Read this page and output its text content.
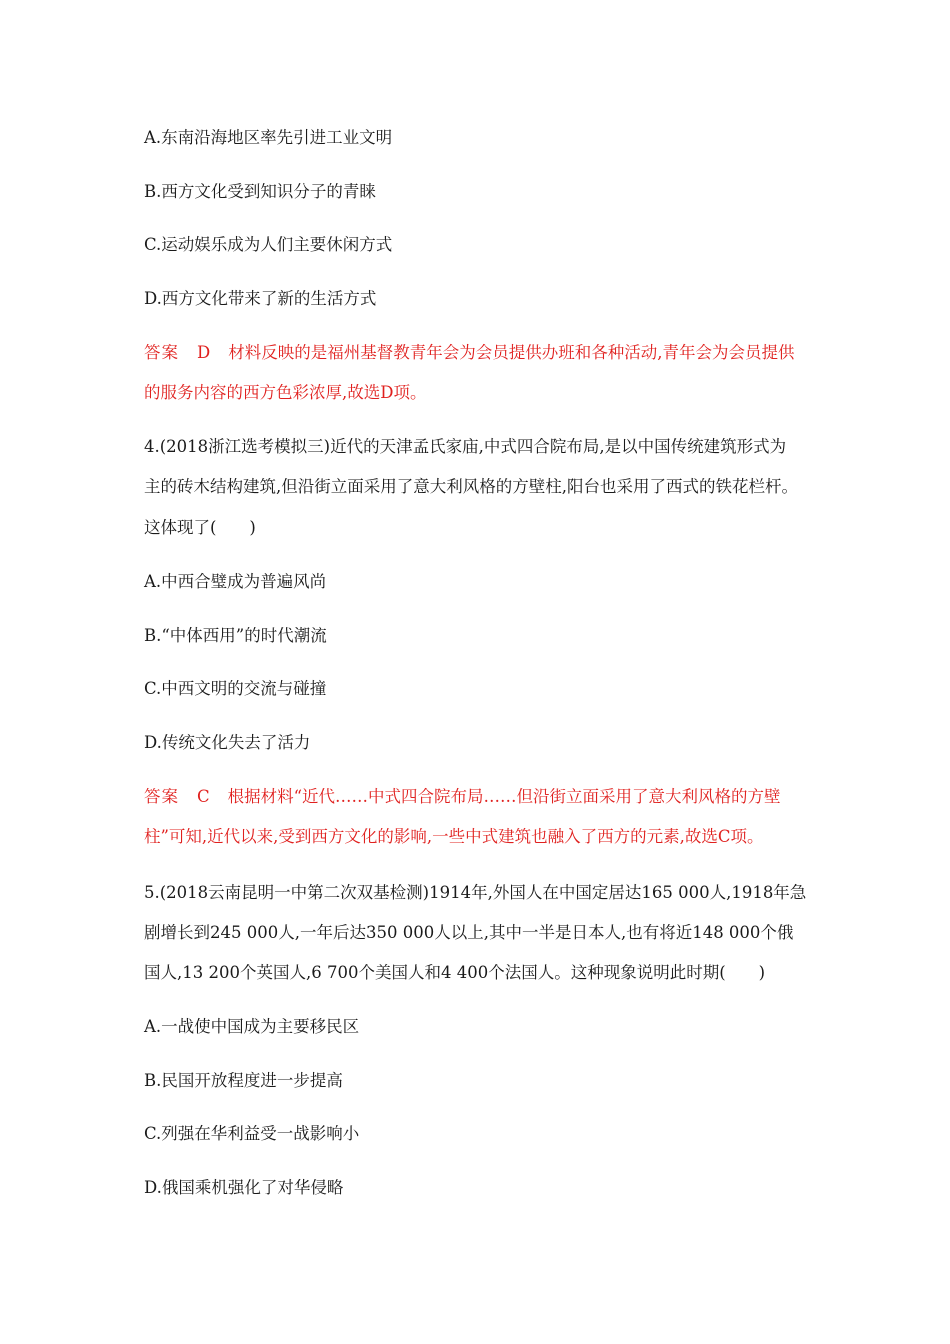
A.东南沿海地区率先引进工业文明
B.西方文化受到知识分子的青睐
C.运动娱乐成为人们主要休闲方式
D.西方文化带来了新的生活方式
答案 D 材料反映的是福州基督教青年会为会员提供办班和各种活动,青年会为会员提供
的服务内容的西方色彩浓厚,故选D项。
4.(2018浙江选考模拟三)近代的天津孟氏家庙,中式四合院布局,是以中国传统建筑形式为
主的砖木结构建筑,但沿街立面采用了意大利风格的方壁柱,阳台也采用了西式的铁花栏杆。
这体现了(　　)
A.中西合璧成为普遍风尚
B.“中体西用”的时代潮流
C.中西文明的交流与碰撞
D.传统文化失去了活力
答案 C 根据材料“近代……中式四合院布局……但沿街立面采用了意大利风格的方壁
柱”可知,近代以来,受到西方文化的影响,一些中式建筑也融入了西方的元素,故选C项。
5.(2018云南昆明一中第二次双基检测)1914年,外国人在中国定居达165 000人,1918年急
剧增长到245 000人,一年后达350 000人以上,其中一半是日本人,也有将近148 000个俄
国人,13 200个英国人,6 700个美国人和4 400个法国人。这种现象说明此时期(　　)
A.一战使中国成为主要移民区
B.民国开放程度进一步提高
C.列强在华利益受一战影响小
D.俄国乘机强化了对华侵略
